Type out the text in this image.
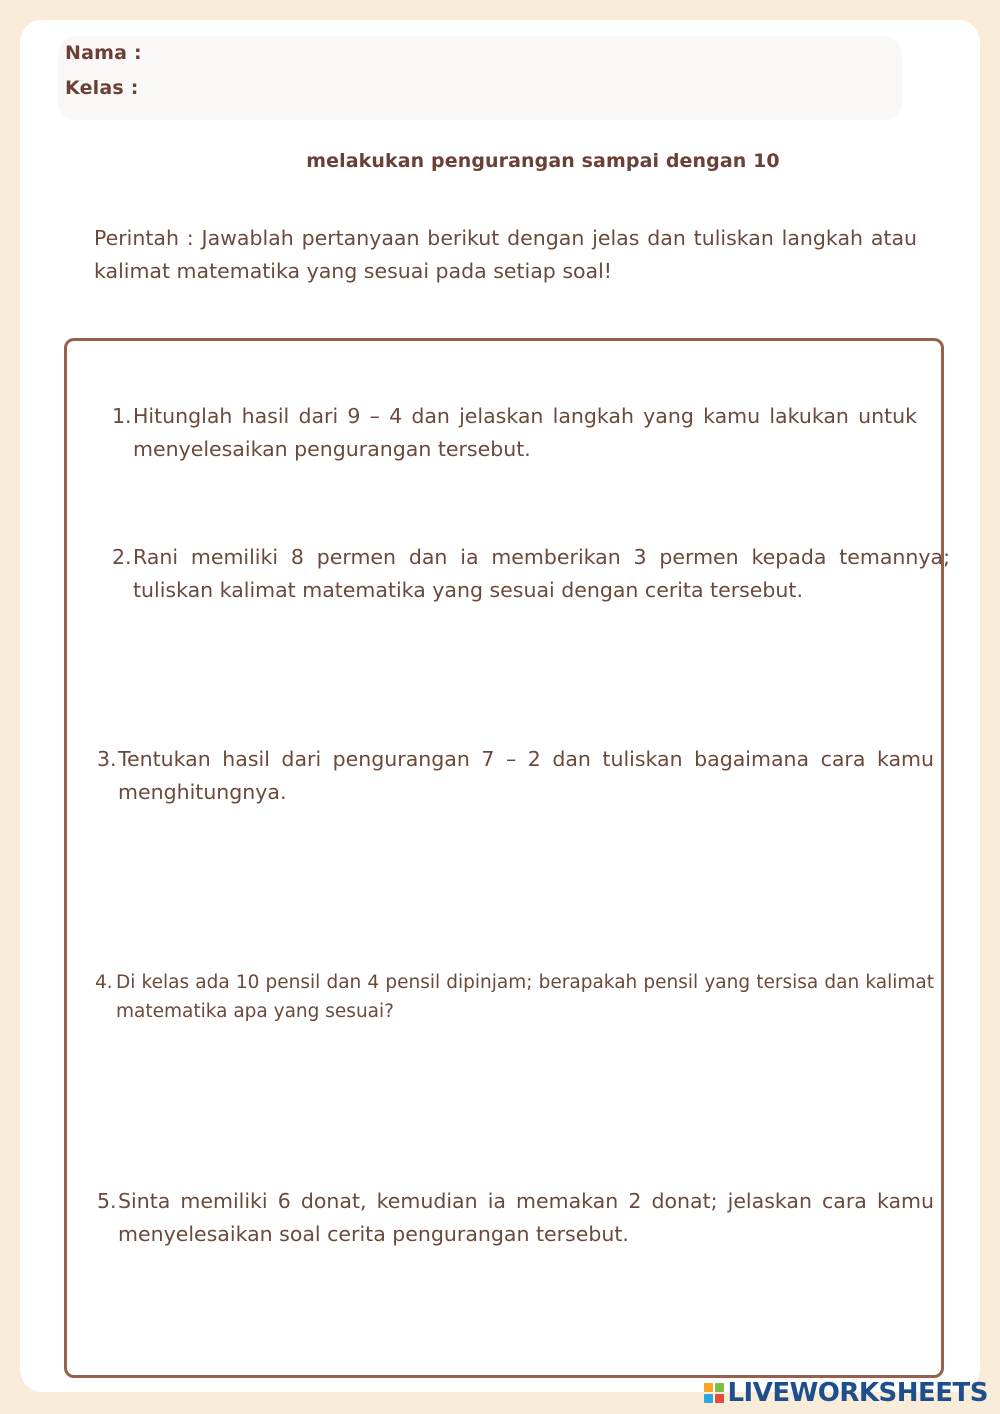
Nama :
Kelas :
melakukan pengurangan sampai dengan 10
Perintah : Jawablah pertanyaan berikut dengan jelas dan tuliskan langkah atau kalimat matematika yang sesuai pada setiap soal!
1. Hitunglah hasil dari 9 – 4 dan jelaskan langkah yang kamu lakukan untuk menyelesaikan pengurangan tersebut.
2. Rani memiliki 8 permen dan ia memberikan 3 permen kepada temannya; tuliskan kalimat matematika yang sesuai dengan cerita tersebut.
3. Tentukan hasil dari pengurangan 7 – 2 dan tuliskan bagaimana cara kamu menghitungnya.
4. Di kelas ada 10 pensil dan 4 pensil dipinjam; berapakah pensil yang tersisa dan kalimat matematika apa yang sesuai?
5. Sinta memiliki 6 donat, kemudian ia memakan 2 donat; jelaskan cara kamu menyelesaikan soal cerita pengurangan tersebut.
LIVEWORKSHEETS
